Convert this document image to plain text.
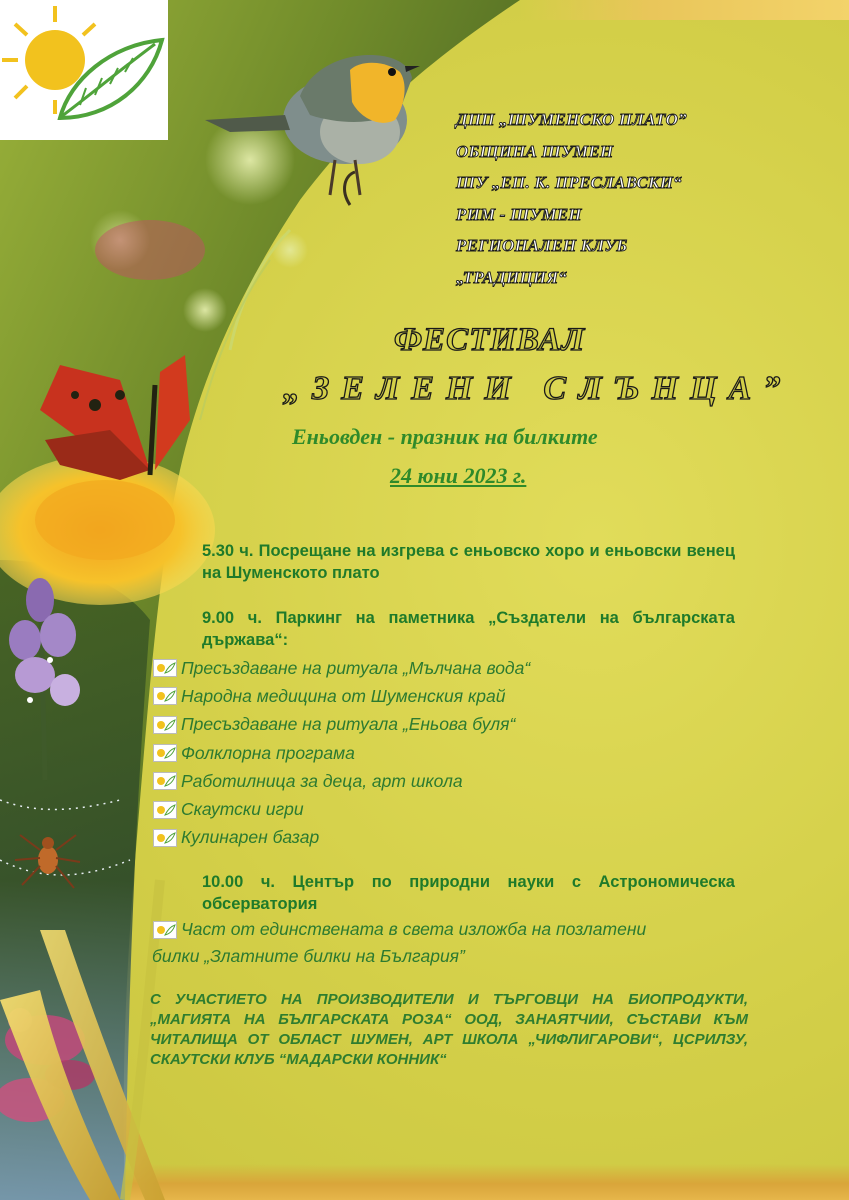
ДПП „ШУМЕНСКО ПЛАТО”
ОБЩИНА ШУМЕН
ШУ „ЕП. К. ПРЕСЛАВСКИ“
РИМ - ШУМЕН
РЕГИОНАЛЕН КЛУБ
„ТРАДИЦИЯ“
ФЕСТИВАЛ
„ЗЕЛЕНИ СЛЪНЦА”
Еньовден - празник на билките
24 юни 2023 г.
5.30 ч. Посрещане на изгрева с еньовско хоро и еньовски венец на Шуменското плато
9.00 ч. Паркинг на паметника „Създатели на българската държава“:
Пресъздаване на ритуала „Мълчана вода“
Народна медицина от Шуменския край
Пресъздаване на ритуала „Еньова буля“
Фолклорна програма
Работилница за деца, арт школа
Скаутски игри
Кулинарен базар
10.00 ч. Център по природни науки с Астрономическа обсерватория
Част от единствената в света изложба на позлатени
билки „Златните билки на България”
С УЧАСТИЕТО НА ПРОИЗВОДИТЕЛИ И ТЪРГОВЦИ НА БИОПРОДУКТИ, „МАГИЯТА НА БЪЛГАРСКАТА РОЗА“ ООД, ЗАНАЯТЧИИ, СЪСТАВИ КЪМ ЧИТАЛИЩА ОТ ОБЛАСТ ШУМЕН, АРТ ШКОЛА „ЧИФЛИГАРОВИ“, ЦСРИЛЗУ, СКАУТСКИ КЛУБ “МАДАРСКИ КОННИК“
